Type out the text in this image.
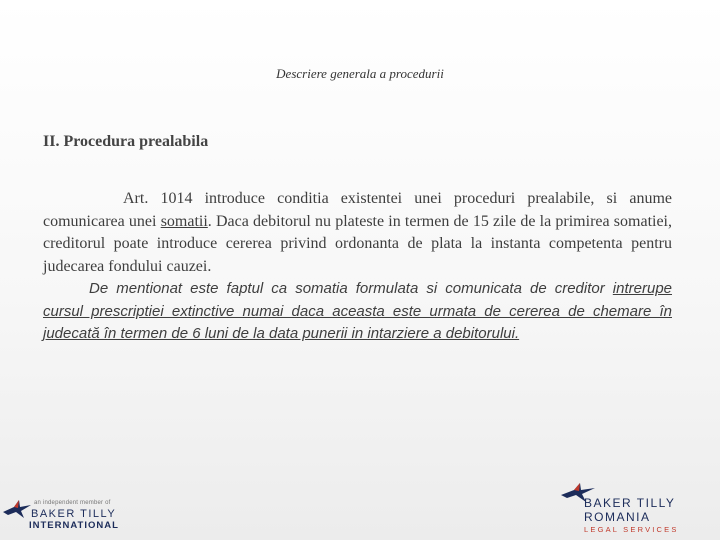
Descriere generala a procedurii
II. Procedura prealabila

Art. 1014 introduce conditia existentei unei proceduri prealabile, si anume comunicarea unei somatii. Daca debitorul nu plateste in termen de 15 zile de la primirea somatiei, creditorul poate introduce cererea privind ordonanta de plata la instanta competenta pentru judecarea fondului cauzei.

De mentionat este faptul ca somatia formulata si comunicata de creditor intrerupe cursul prescriptiei extinctive numai daca aceasta este urmata de cererea de chemare în judecată în termen de 6 luni de la data punerii in intarziere a debitorului.

an independent member of
BAKER TILLY
INTERNATIONAL
BAKER TILLY
ROMANIA
LEGAL SERVICES
